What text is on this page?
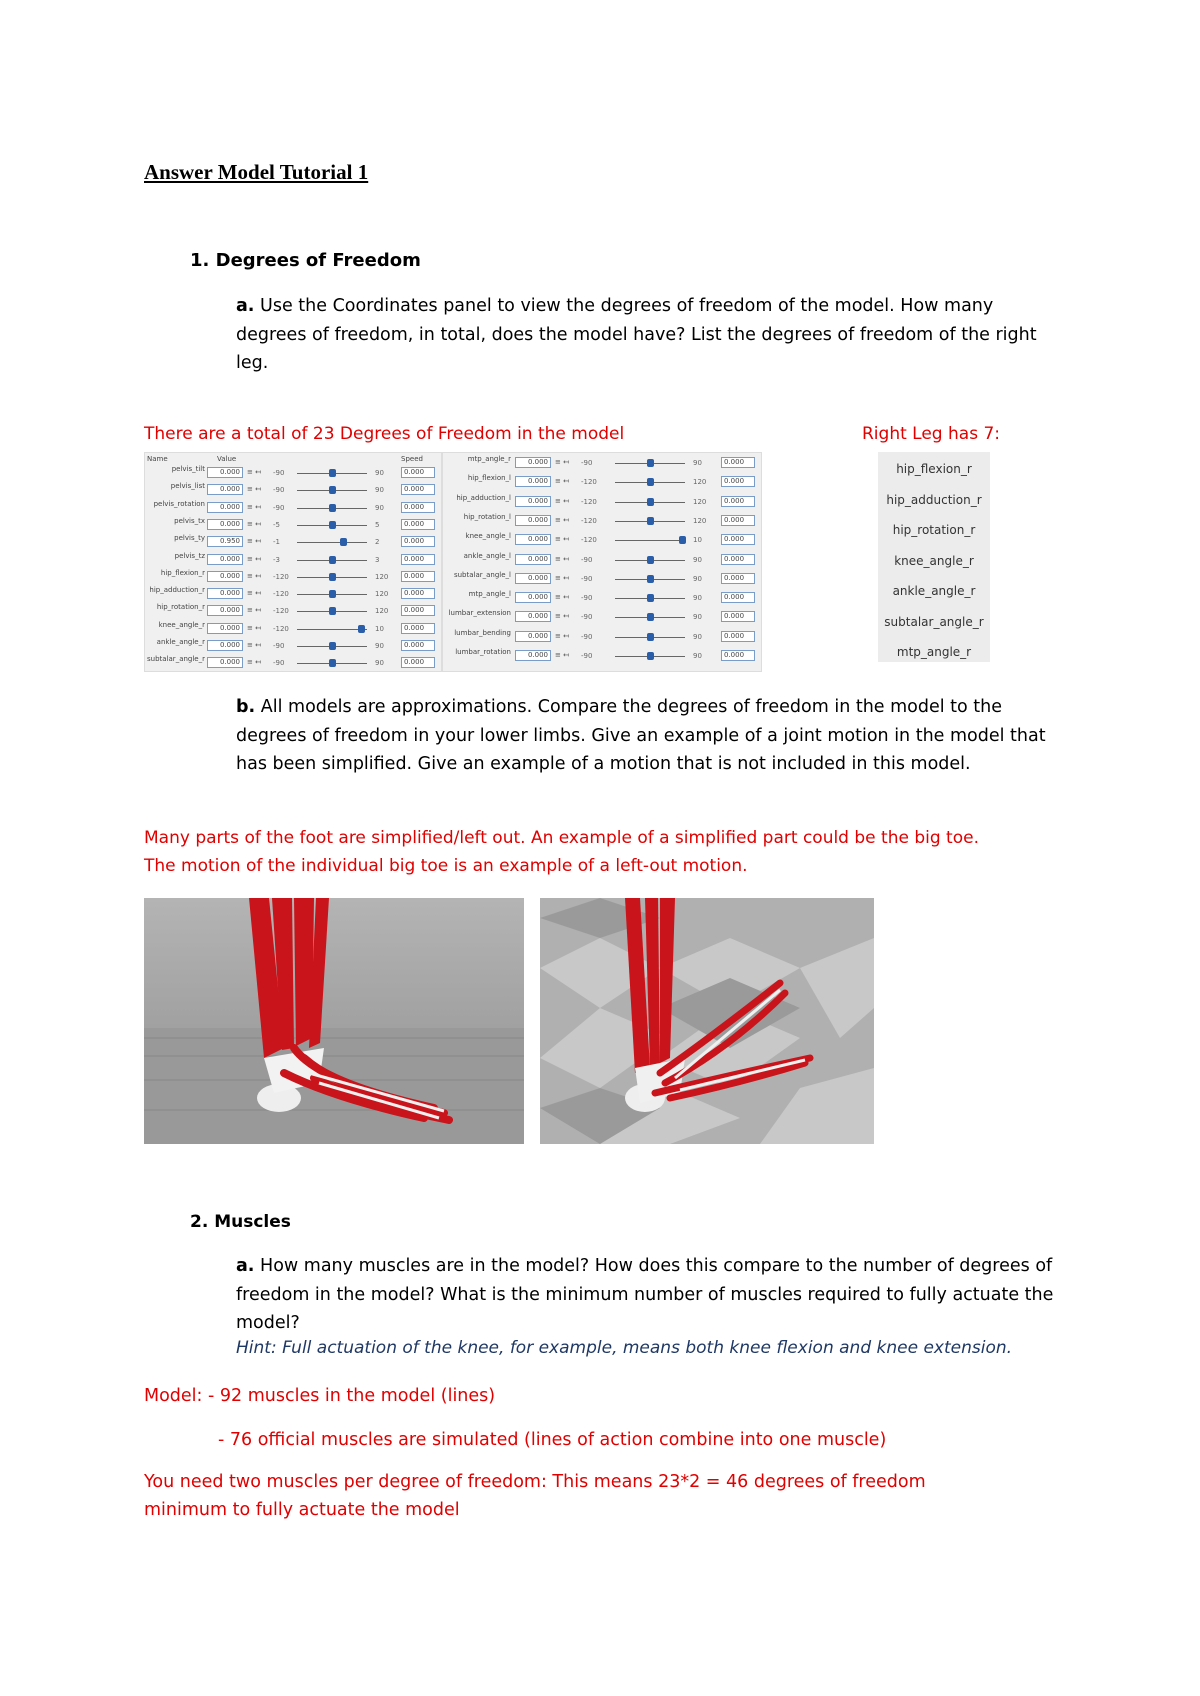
Answer Model Tutorial 1
1. Degrees of Freedom
a. Use the Coordinates panel to view the degrees of freedom of the model. How many degrees of freedom, in total, does the model have? List the degrees of freedom of the right leg.
There are a total of 23 Degrees of Freedom in the model	Right Leg has 7:
Name	Value	Speed
pelvis_tilt	0.000	≡ ↤ -90	90	0.000
pelvis_list	0.000	≡ ↤ -90	90	0.000
pelvis_rotation	0.000	≡ ↤ -90	90	0.000
pelvis_tx	0.000	≡ ↤ -5	5	0.000
pelvis_ty	0.950	≡ ↤ -1	2	0.000
pelvis_tz	0.000	≡ ↤ -3	3	0.000
hip_flexion_r	0.000	≡ ↤ -120	120	0.000
hip_adduction_r	0.000	≡ ↤ -120	120	0.000
hip_rotation_r	0.000	≡ ↤ -120	120	0.000
knee_angle_r	0.000	≡ ↤ -120	10	0.000
ankle_angle_r	0.000	≡ ↤ -90	90	0.000
subtalar_angle_r	0.000	≡ ↤ -90	90	0.000
mtp_angle_r	0.000	≡ ↤ -90	90	0.000
hip_flexion_l	0.000	≡ ↤ -120	120	0.000
hip_adduction_l	0.000	≡ ↤ -120	120	0.000
hip_rotation_l	0.000	≡ ↤ -120	120	0.000
knee_angle_l	0.000	≡ ↤ -120	10	0.000
ankle_angle_l	0.000	≡ ↤ -90	90	0.000
subtalar_angle_l	0.000	≡ ↤ -90	90	0.000
mtp_angle_l	0.000	≡ ↤ -90	90	0.000
lumbar_extension	0.000	≡ ↤ -90	90	0.000
lumbar_bending	0.000	≡ ↤ -90	90	0.000
lumbar_rotation	0.000	≡ ↤ -90	90	0.000
hip_flexion_r
hip_adduction_r
hip_rotation_r
knee_angle_r
ankle_angle_r
subtalar_angle_r
mtp_angle_r
b. All models are approximations. Compare the degrees of freedom in the model to the degrees of freedom in your lower limbs. Give an example of a joint motion in the model that has been simplified. Give an example of a motion that is not included in this model.
Many parts of the foot are simplified/left out. An example of a simplified part could be the big toe.
The motion of the individual big toe is an example of a left-out motion.
2. Muscles
a. How many muscles are in the model? How does this compare to the number of degrees of freedom in the model? What is the minimum number of muscles required to fully actuate the model?
Hint: Full actuation of the knee, for example, means both knee flexion and knee extension.
Model: - 92 muscles in the model (lines)
- 76 official muscles are simulated (lines of action combine into one muscle)
You need two muscles per degree of freedom: This means 23*2 = 46 degrees of freedom
minimum to fully actuate the model
